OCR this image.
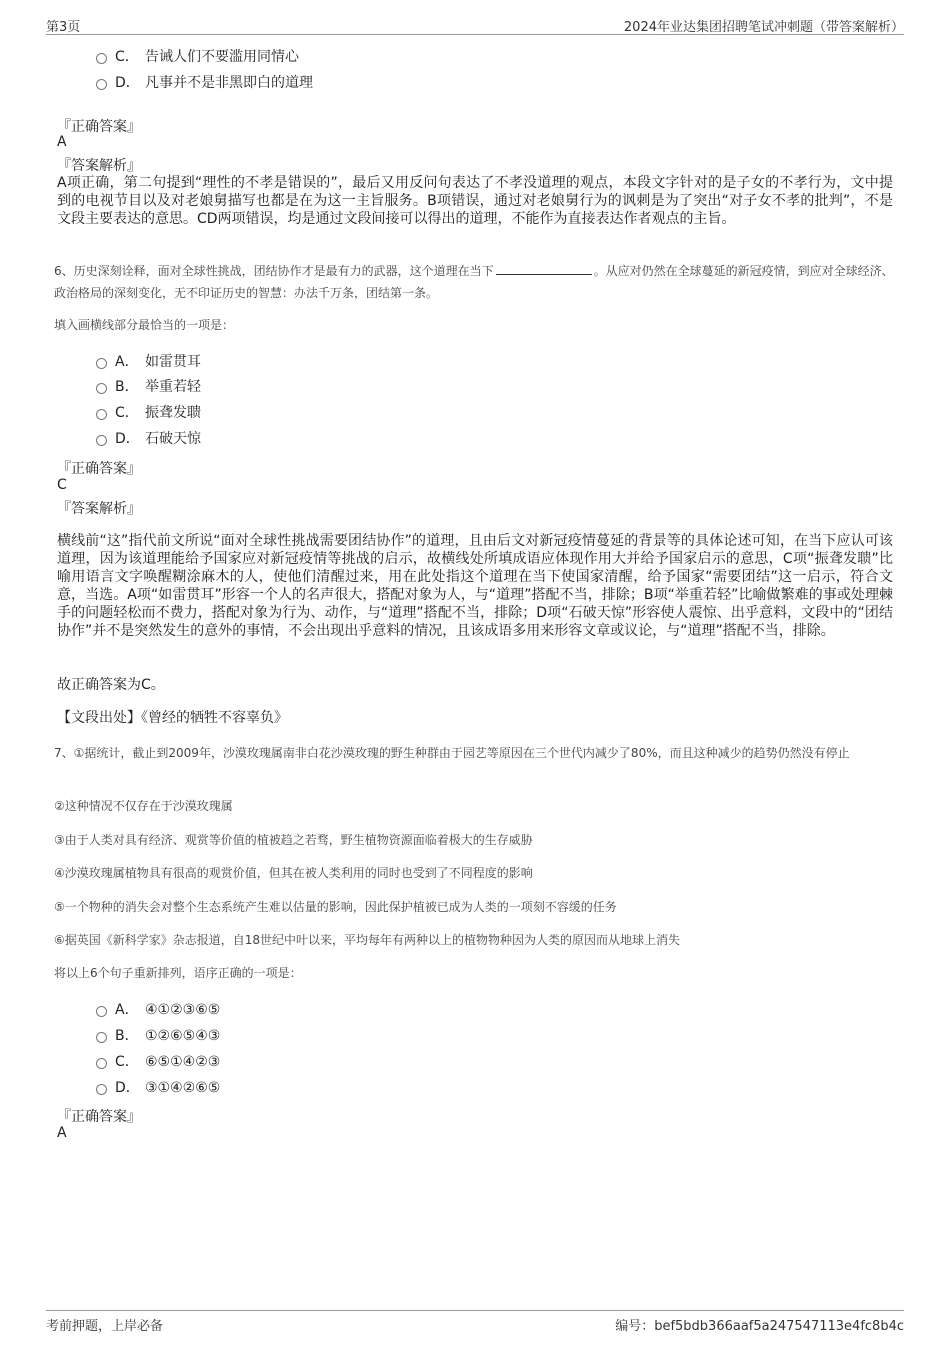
第3页	2024年业达集团招聘笔试冲刺题（带答案解析）
C． 告诫人们不要滥用同情心
D． 凡事并不是非黑即白的道理
『正确答案』
A
『答案解析』
A项正确，第二句提到“理性的不孝是错误的”，最后又用反问句表达了不孝没道理的观点，本段文字针对的是子女的不孝行为，文中提到的电视节目以及对老娘舅描写也都是在为这一主旨服务。B项错误，通过对老娘舅行为的讽刺是为了突出“对子女不孝的批判”，不是文段主要表达的意思。CD两项错误，均是通过文段间接可以得出的道理，不能作为直接表达作者观点的主旨。
6、历史深刻诠释，面对全球性挑战，团结协作才是最有力的武器，这个道理在当下	。从应对仍然在全球蔓延的新冠疫情，到应对全球经济、政治格局的深刻变化，无不印证历史的智慧：办法千万条，团结第一条。
填入画横线部分最恰当的一项是：
A． 如雷贯耳
B． 举重若轻
C． 振聋发聩
D． 石破天惊
『正确答案』
C
『答案解析』
横线前“这”指代前文所说“面对全球性挑战需要团结协作”的道理，且由后文对新冠疫情蔓延的背景等的具体论述可知，在当下应认可该道理，因为该道理能给予国家应对新冠疫情等挑战的启示，故横线处所填成语应体现作用大并给予国家启示的意思，C项“振聋发聩”比喻用语言文字唤醒糊涂麻木的人，使他们清醒过来，用在此处指这个道理在当下使国家清醒，给予国家“需要团结”这一启示，符合文意，当选。A项“如雷贯耳”形容一个人的名声很大，搭配对象为人，与“道理”搭配不当，排除；B项“举重若轻”比喻做繁难的事或处理棘手的问题轻松而不费力，搭配对象为行为、动作，与“道理”搭配不当，排除；D项“石破天惊”形容使人震惊、出乎意料，文段中的“团结协作”并不是突然发生的意外的事情，不会出现出乎意料的情况，且该成语多用来形容文章或议论，与“道理”搭配不当，排除。
故正确答案为C。
【文段出处】《曾经的牺牲不容辜负》
7、①据统计，截止到2009年，沙漠玫瑰属南非白花沙漠玫瑰的野生种群由于园艺等原因在三个世代内减少了80%，而且这种减少的趋势仍然没有停止
②这种情况不仅存在于沙漠玫瑰属
③由于人类对具有经济、观赏等价值的植被趋之若骛，野生植物资源面临着极大的生存威胁
④沙漠玫瑰属植物具有很高的观赏价值，但其在被人类利用的同时也受到了不同程度的影响
⑤一个物种的消失会对整个生态系统产生难以估量的影响，因此保护植被已成为人类的一项刻不容缓的任务
⑥据英国《新科学家》杂志报道，自18世纪中叶以来，平均每年有两种以上的植物物种因为人类的原因而从地球上消失
将以上6个句子重新排列，语序正确的一项是：
A． ④①②③⑥⑤
B． ①②⑥⑤④③
C． ⑥⑤①④②③
D． ③①④②⑥⑤
『正确答案』
A
考前押题，上岸必备	编号：bef5bdb366aaf5a247547113e4fc8b4c
